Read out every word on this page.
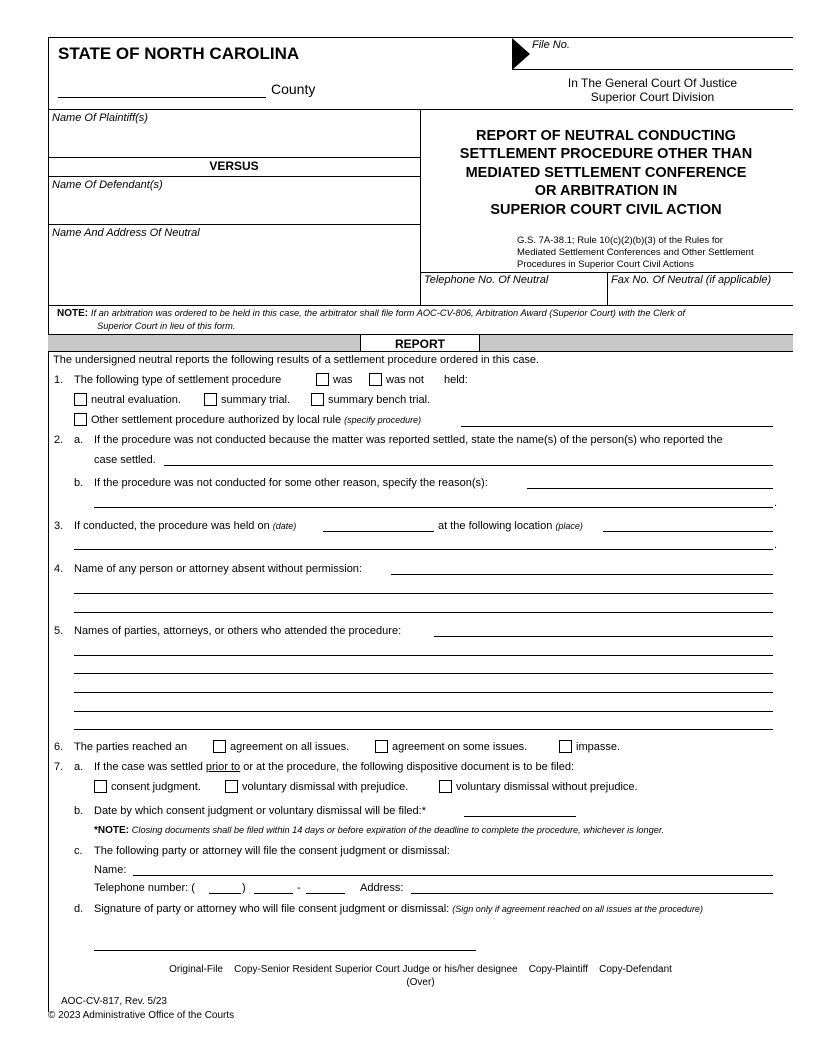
File No.
STATE OF NORTH CAROLINA
County	In The General Court Of Justice
Superior Court Division
Name Of Plaintiff(s)
VERSUS
Name Of Defendant(s)
Name And Address Of Neutral
REPORT OF NEUTRAL CONDUCTING
SETTLEMENT PROCEDURE OTHER THAN
MEDIATED SETTLEMENT CONFERENCE
OR ARBITRATION IN
SUPERIOR COURT CIVIL ACTION
G.S. 7A-38.1; Rule 10(c)(2)(b)(3) of the Rules for
Mediated Settlement Conferences and Other Settlement
Procedures in Superior Court Civil Actions
Telephone No. Of Neutral	Fax No. Of Neutral (if applicable)
NOTE: If an arbitration was ordered to be held in this case, the arbitrator shall file form AOC-CV-806, Arbitration Award (Superior Court) with the Clerk of
Superior Court in lieu of this form.
REPORT
The undersigned neutral reports the following results of a settlement procedure ordered in this case.
1. The following type of settlement procedure	was	was not held:
neutral evaluation.	summary trial.	summary bench trial.
Other settlement procedure authorized by local rule (specify procedure)
2. a. If the procedure was not conducted because the matter was reported settled, state the name(s) of the person(s) who reported the
case settled.
b. If the procedure was not conducted for some other reason, specify the reason(s):
.
3. If conducted, the procedure was held on (date)	at the following location (place)
.
4. Name of any person or attorney absent without permission:
5. Names of parties, attorneys, or others who attended the procedure:
6. The parties reached an	agreement on all issues.	agreement on some issues.	impasse.
7. a. If the case was settled prior to or at the procedure, the following dispositive document is to be filed:
consent judgment.	voluntary dismissal with prejudice.	voluntary dismissal without prejudice.
b. Date by which consent judgment or voluntary dismissal will be filed:*
*NOTE: Closing documents shall be filed within 14 days or before expiration of the deadline to complete the procedure, whichever is longer.
c. The following party or attorney will file the consent judgment or dismissal:
Name:
Telephone number: (	)	-	Address:
d. Signature of party or attorney who will file consent judgment or dismissal: (Sign only if agreement reached on all issues at the procedure)
Original-File    Copy-Senior Resident Superior Court Judge or his/her designee    Copy-Plaintiff    Copy-Defendant
(Over)
AOC-CV-817, Rev. 5/23
© 2023 Administrative Office of the Courts
